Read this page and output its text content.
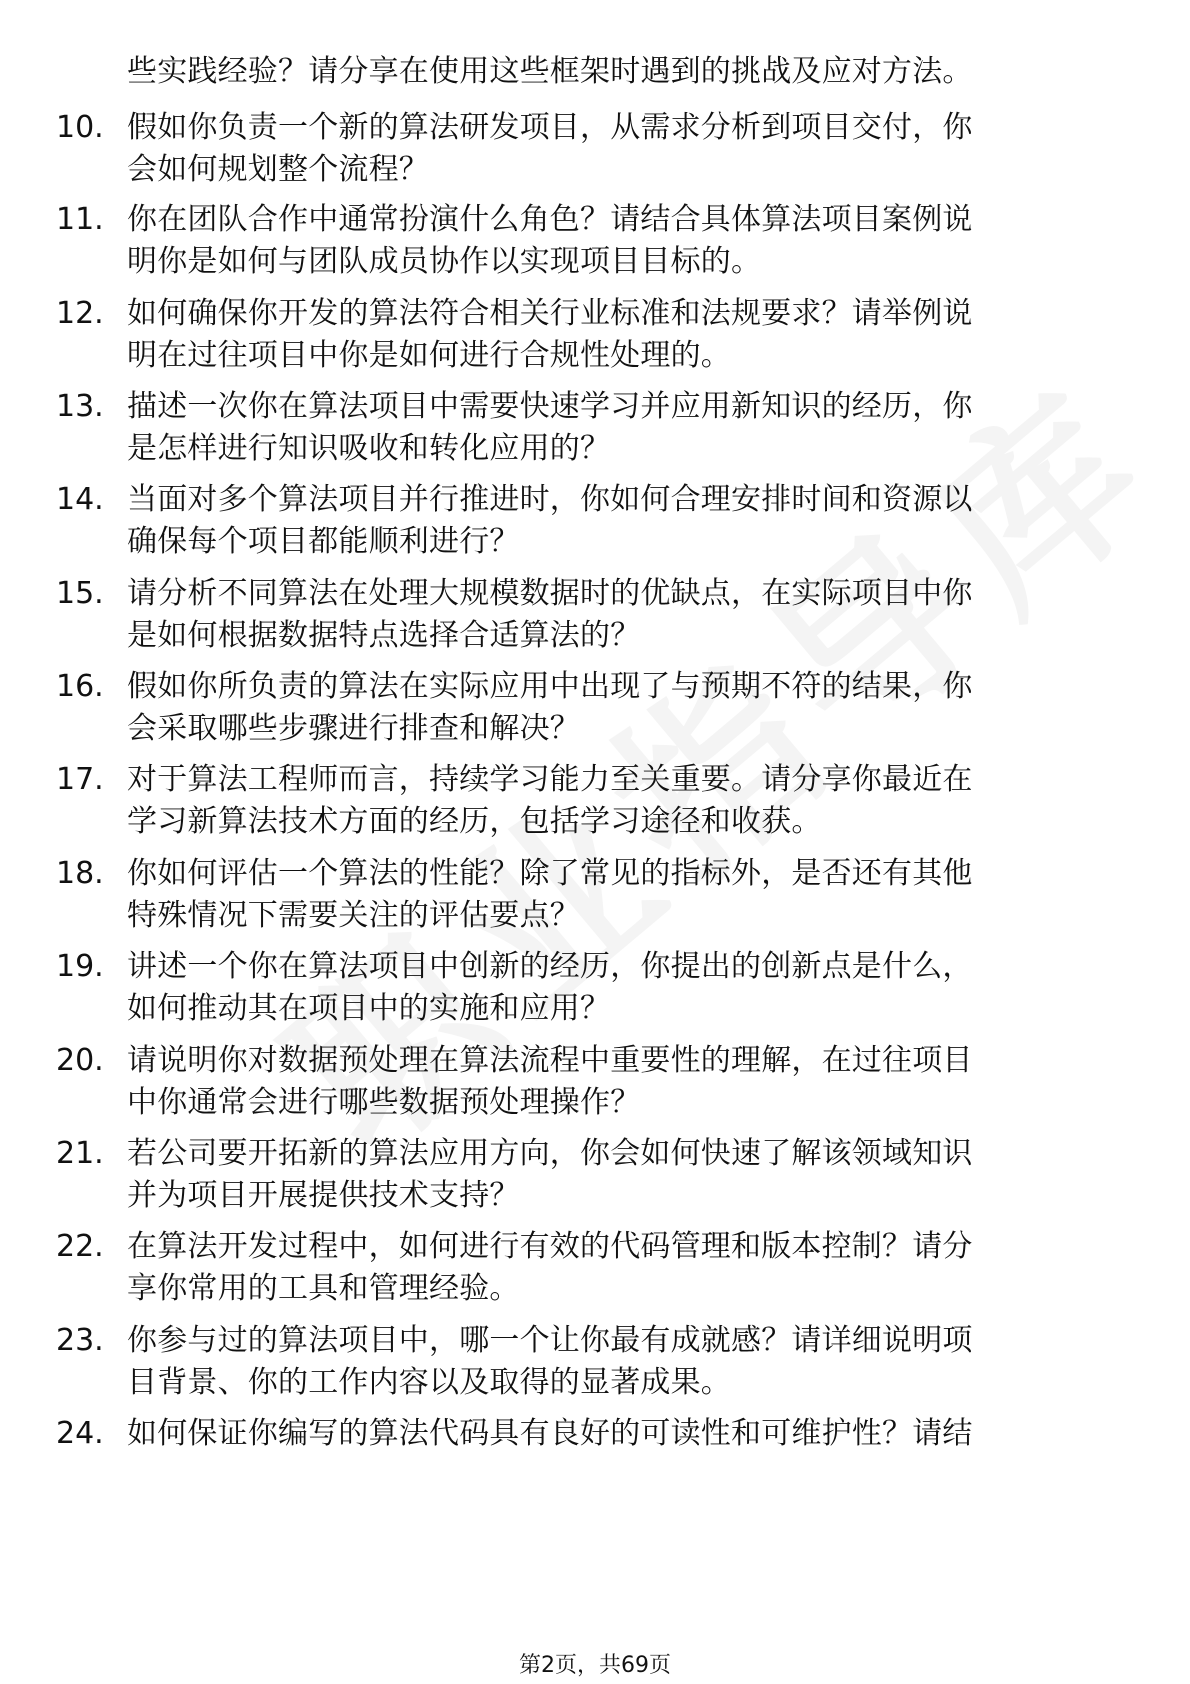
些实践经验？请分享在使用这些框架时遇到的挑战及应对方法。
10. 假如你负责一个新的算法研发项目，从需求分析到项目交付，你
会如何规划整个流程？
11. 你在团队合作中通常扮演什么角色？请结合具体算法项目案例说
明你是如何与团队成员协作以实现项目目标的。
12. 如何确保你开发的算法符合相关行业标准和法规要求？请举例说
明在过往项目中你是如何进行合规性处理的。
13. 描述一次你在算法项目中需要快速学习并应用新知识的经历，你
是怎样进行知识吸收和转化应用的？
14. 当面对多个算法项目并行推进时，你如何合理安排时间和资源以
确保每个项目都能顺利进行？
15. 请分析不同算法在处理大规模数据时的优缺点，在实际项目中你
是如何根据数据特点选择合适算法的？
16. 假如你所负责的算法在实际应用中出现了与预期不符的结果，你
会采取哪些步骤进行排查和解决？
17. 对于算法工程师而言，持续学习能力至关重要。请分享你最近在
学习新算法技术方面的经历，包括学习途径和收获。
18. 你如何评估一个算法的性能？除了常见的指标外，是否还有其他
特殊情况下需要关注的评估要点？
19. 讲述一个你在算法项目中创新的经历，你提出的创新点是什么，
如何推动其在项目中的实施和应用？
20. 请说明你对数据预处理在算法流程中重要性的理解，在过往项目
中你通常会进行哪些数据预处理操作？
21. 若公司要开拓新的算法应用方向，你会如何快速了解该领域知识
并为项目开展提供技术支持？
22. 在算法开发过程中，如何进行有效的代码管理和版本控制？请分
享你常用的工具和管理经验。
23. 你参与过的算法项目中，哪一个让你最有成就感？请详细说明项
目背景、你的工作内容以及取得的显著成果。
24. 如何保证你编写的算法代码具有良好的可读性和可维护性？请结
第2页，共69页
